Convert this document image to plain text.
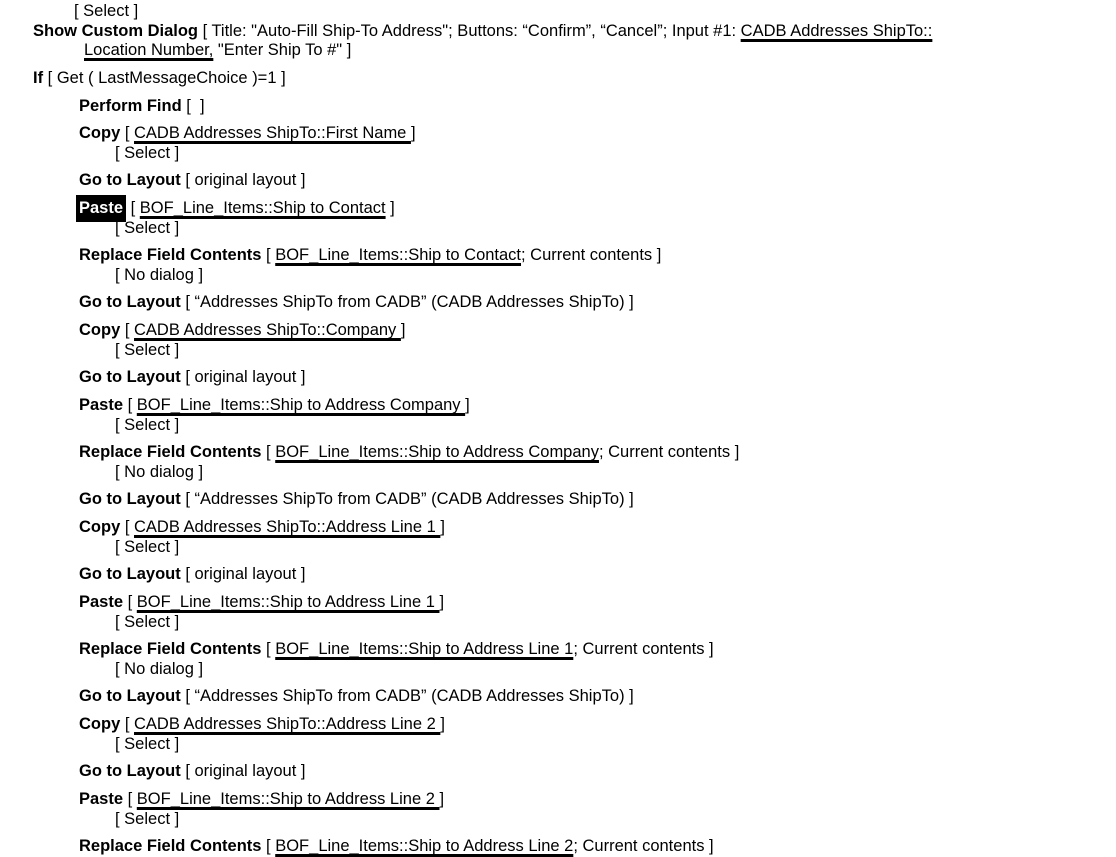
[ Select ]
Show Custom Dialog [ Title: "Auto-Fill Ship-To Address"; Buttons: “Confirm”, “Cancel”; Input #1: CADB Addresses ShipTo::
Location Number, "Enter Ship To #" ]
If [ Get ( LastMessageChoice )=1 ]
Perform Find [  ]
Copy [ CADB Addresses ShipTo::First Name ]
[ Select ]
Go to Layout [ original layout ]
Paste [ BOF_Line_Items::Ship to Contact ]
[ Select ]
Replace Field Contents [ BOF_Line_Items::Ship to Contact; Current contents ]
[ No dialog ]
Go to Layout [ “Addresses ShipTo from CADB” (CADB Addresses ShipTo) ]
Copy [ CADB Addresses ShipTo::Company ]
[ Select ]
Go to Layout [ original layout ]
Paste [ BOF_Line_Items::Ship to Address Company ]
[ Select ]
Replace Field Contents [ BOF_Line_Items::Ship to Address Company; Current contents ]
[ No dialog ]
Go to Layout [ “Addresses ShipTo from CADB” (CADB Addresses ShipTo) ]
Copy [ CADB Addresses ShipTo::Address Line 1 ]
[ Select ]
Go to Layout [ original layout ]
Paste [ BOF_Line_Items::Ship to Address Line 1 ]
[ Select ]
Replace Field Contents [ BOF_Line_Items::Ship to Address Line 1; Current contents ]
[ No dialog ]
Go to Layout [ “Addresses ShipTo from CADB” (CADB Addresses ShipTo) ]
Copy [ CADB Addresses ShipTo::Address Line 2 ]
[ Select ]
Go to Layout [ original layout ]
Paste [ BOF_Line_Items::Ship to Address Line 2 ]
[ Select ]
Replace Field Contents [ BOF_Line_Items::Ship to Address Line 2; Current contents ]
